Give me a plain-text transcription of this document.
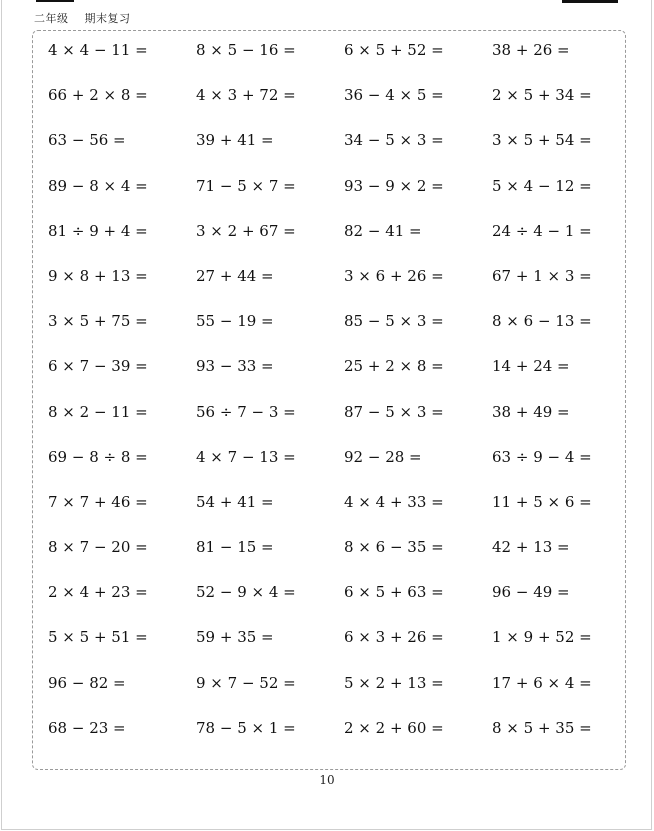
二年级 期末复习
4 × 4 − 11 =	8 × 5 − 16 =	6 × 5 + 52 =	38 + 26 =
66 + 2 × 8 =	4 × 3 + 72 =	36 − 4 × 5 =	2 × 5 + 34 =
63 − 56 =	39 + 41 =	34 − 5 × 3 =	3 × 5 + 54 =
89 − 8 × 4 =	71 − 5 × 7 =	93 − 9 × 2 =	5 × 4 − 12 =
81 ÷ 9 + 4 =	3 × 2 + 67 =	82 − 41 =	24 ÷ 4 − 1 =
9 × 8 + 13 =	27 + 44 =	3 × 6 + 26 =	67 + 1 × 3 =
3 × 5 + 75 =	55 − 19 =	85 − 5 × 3 =	8 × 6 − 13 =
6 × 7 − 39 =	93 − 33 =	25 + 2 × 8 =	14 + 24 =
8 × 2 − 11 =	56 ÷ 7 − 3 =	87 − 5 × 3 =	38 + 49 =
69 − 8 ÷ 8 =	4 × 7 − 13 =	92 − 28 =	63 ÷ 9 − 4 =
7 × 7 + 46 =	54 + 41 =	4 × 4 + 33 =	11 + 5 × 6 =
8 × 7 − 20 =	81 − 15 =	8 × 6 − 35 =	42 + 13 =
2 × 4 + 23 =	52 − 9 × 4 =	6 × 5 + 63 =	96 − 49 =
5 × 5 + 51 =	59 + 35 =	6 × 3 + 26 =	1 × 9 + 52 =
96 − 82 =	9 × 7 − 52 =	5 × 2 + 13 =	17 + 6 × 4 =
68 − 23 =	78 − 5 × 1 =	2 × 2 + 60 =	8 × 5 + 35 =
10
